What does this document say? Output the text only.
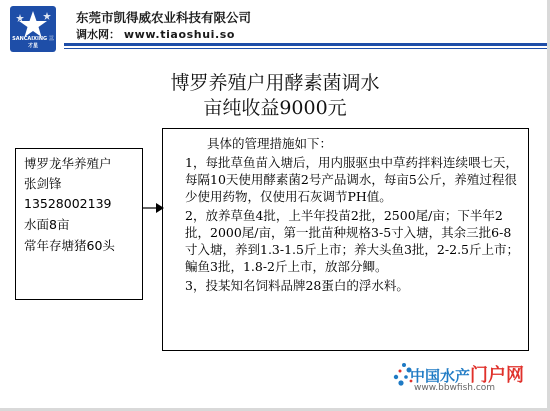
SANCAIXING 三才星
东莞市凯得威农业科技有限公司
调水网： www.tiaoshui.so
博罗养殖户用酵素菌调水
亩纯收益9000元
博罗龙华养殖户
张剑锋
13528002139
水面8亩
常年存塘猪60头
具体的管理措施如下：
1，每批草鱼苗入塘后，用内服驱虫中草药拌料连续喂七天，每隔10天使用酵素菌2号产品调水，每亩5公斤，养殖过程很少使用药物，仅使用石灰调节PH值。
2，放养草鱼4批，上半年投苗2批，2500尾/亩；下半年2批，2000尾/亩，第一批苗种规格3-5寸入塘，其余三批6-8寸入塘，养到1.3-1.5斤上市；养大头鱼3批，2-2.5斤上市；鳊鱼3批，1.8-2斤上市，放部分鲫。
3，投某知名饲料品牌28蛋白的浮水料。
中国水产门户网
www.bbwfish.com
